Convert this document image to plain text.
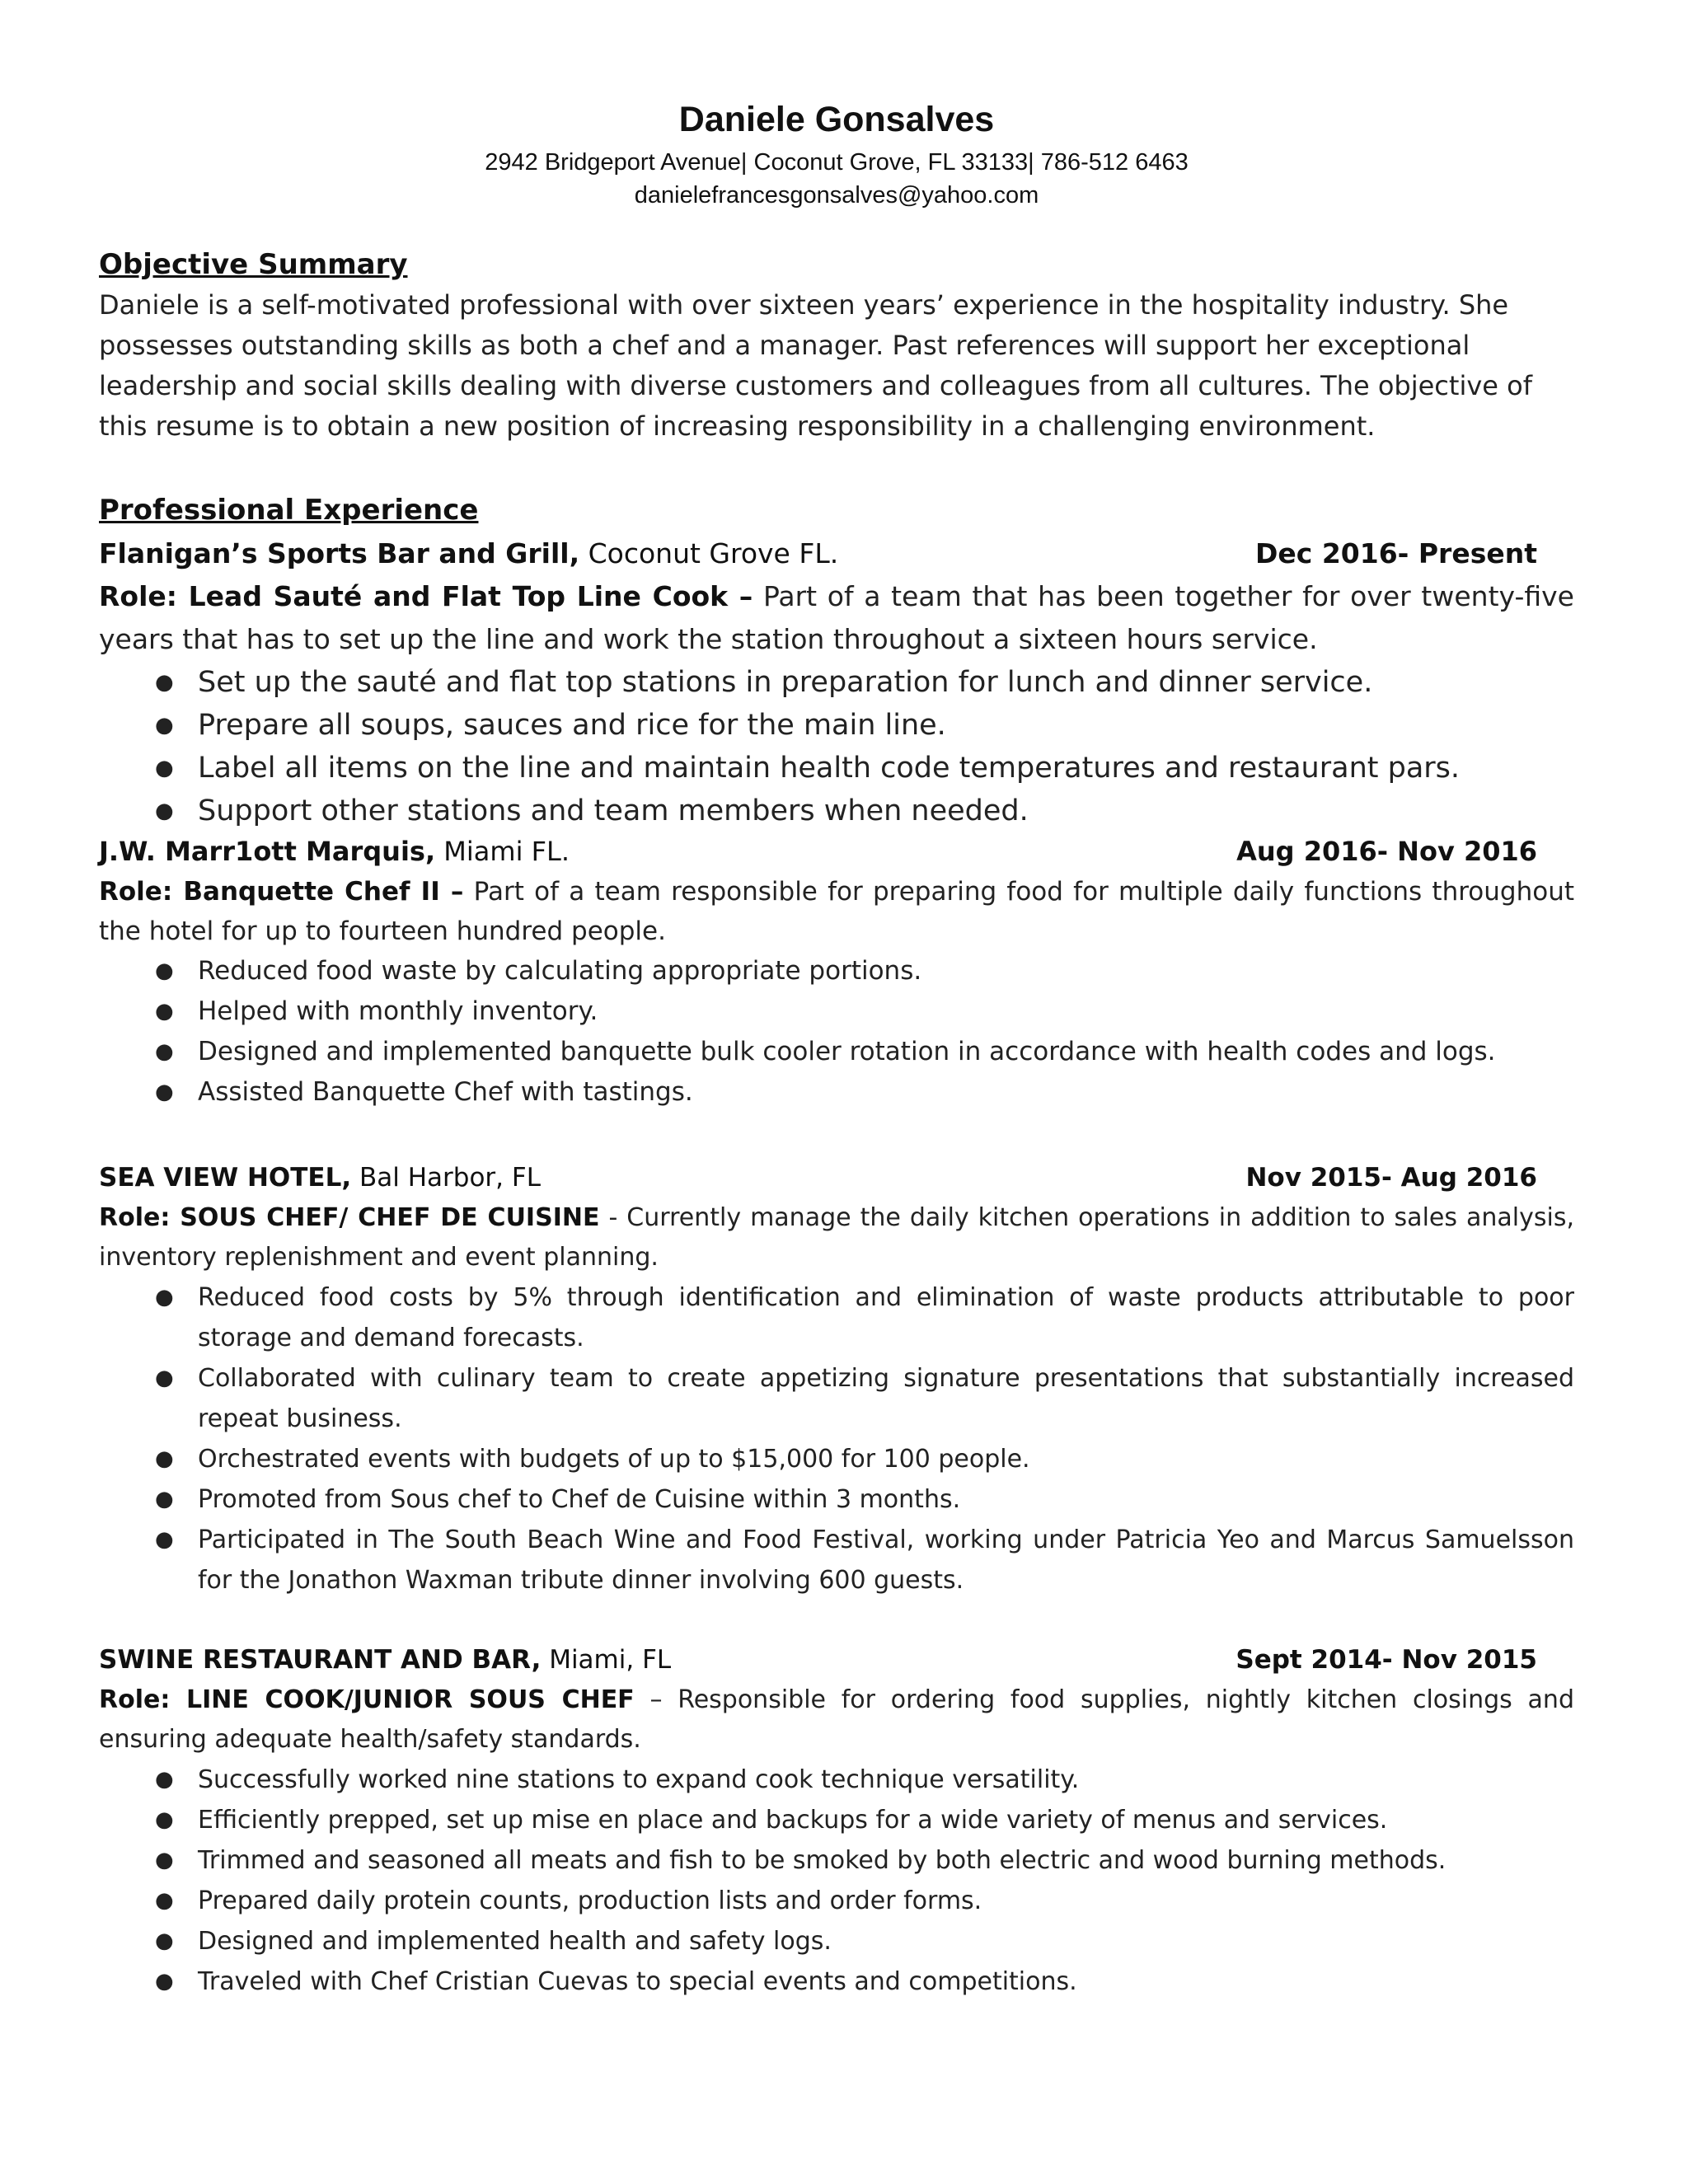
Daniele Gonsalves

2942 Bridgeport Avenue| Coconut Grove, FL 33133| 786-512 6463

danielefrancesgonsalves@yahoo.com

Objective Summary

Daniele is a self-motivated professional with over sixteen years’ experience in the hospitality industry. She

possesses outstanding skills as both a chef and a manager. Past references will support her exceptional

leadership and social skills dealing with diverse customers and colleagues from all cultures. The objective of

this resume is to obtain a new position of increasing responsibility in a challenging environment.

Professional Experience

Flanigan’s Sports Bar and Grill, Coconut Grove FL.	Dec 2016- Present

Role: Lead Sauté and Flat Top Line Cook – Part of a team that has been together for over twenty-five years that has to set up the line and work the station throughout a sixteen hours service.

● Set up the sauté and flat top stations in preparation for lunch and dinner service.
● Prepare all soups, sauces and rice for the main line.
● Label all items on the line and maintain health code temperatures and restaurant pars.
● Support other stations and team members when needed.
J.W. Marr1ott Marquis, Miami FL.	Aug 2016- Nov 2016

Role: Banquette Chef II – Part of a team responsible for preparing food for multiple daily functions throughout the hotel for up to fourteen hundred people.

● Reduced food waste by calculating appropriate portions.
● Helped with monthly inventory.
● Designed and implemented banquette bulk cooler rotation in accordance with health codes and logs.
● Assisted Banquette Chef with tastings.
SEA VIEW HOTEL, Bal Harbor, FL	Nov 2015- Aug 2016

Role: SOUS CHEF/ CHEF DE CUISINE - Currently manage the daily kitchen operations in addition to sales analysis, inventory replenishment and event planning.

● Reduced food costs by 5% through identification and elimination of waste products attributable to poor storage and demand forecasts.
● Collaborated with culinary team to create appetizing signature presentations that substantially increased repeat business.
● Orchestrated events with budgets of up to $15,000 for 100 people.
● Promoted from Sous chef to Chef de Cuisine within 3 months.
● Participated in The South Beach Wine and Food Festival, working under Patricia Yeo and Marcus Samuelsson for the Jonathon Waxman tribute dinner involving 600 guests.
SWINE RESTAURANT AND BAR, Miami, FL	Sept 2014- Nov 2015

Role: LINE COOK/JUNIOR SOUS CHEF – Responsible for ordering food supplies, nightly kitchen closings and ensuring adequate health/safety standards.

● Successfully worked nine stations to expand cook technique versatility.
● Efficiently prepped, set up mise en place and backups for a wide variety of menus and services.
● Trimmed and seasoned all meats and fish to be smoked by both electric and wood burning methods.
● Prepared daily protein counts, production lists and order forms.
● Designed and implemented health and safety logs.
● Traveled with Chef Cristian Cuevas to special events and competitions.
